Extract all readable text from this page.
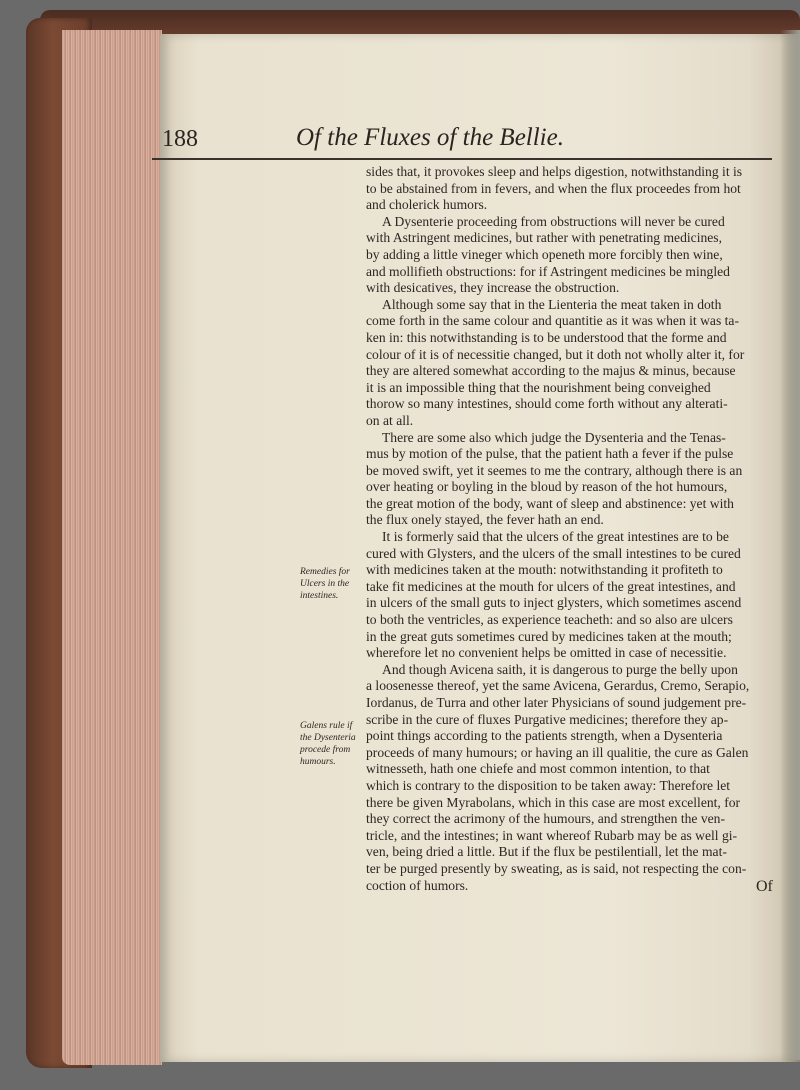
188	Of the Fluxes of the Bellie.
sides that, it provokes sleep and helps digestion, notwithstanding it is
to be abstained from in fevers, and when the flux proceedes from hot
and cholerick humors.
A Dysenterie proceeding from obstructions will never be cured
with Astringent medicines, but rather with penetrating medicines,
by adding a little vineger which openeth more forcibly then wine,
and mollifieth obstructions: for if Astringent medicines be mingled
with desicatives, they increase the obstruction.
Although some say that in the Lienteria the meat taken in doth
come forth in the same colour and quantitie as it was when it was ta-
ken in: this notwithstanding is to be understood that the forme and
colour of it is of necessitie changed, but it doth not wholly alter it, for
they are altered somewhat according to the majus & minus, because
it is an impossible thing that the nourishment being conveighed
thorow so many intestines, should come forth without any alterati-
on at all.
There are some also which judge the Dysenteria and the Tenas-
mus by motion of the pulse, that the patient hath a fever if the pulse
be moved swift, yet it seemes to me the contrary, although there is an
over heating or boyling in the bloud by reason of the hot humours,
the great motion of the body, want of sleep and abstinence: yet with
the flux onely stayed, the fever hath an end.
It is formerly said that the ulcers of the great intestines are to be
cured with Glysters, and the ulcers of the small intestines to be cured
with medicines taken at the mouth: notwithstanding it profiteth to
take fit medicines at the mouth for ulcers of the great intestines, and
in ulcers of the small guts to inject glysters, which sometimes ascend
to both the ventricles, as experience teacheth: and so also are ulcers
in the great guts sometimes cured by medicines taken at the mouth;
wherefore let no convenient helps be omitted in case of necessitie.
And though Avicena saith, it is dangerous to purge the belly upon
a loosenesse thereof, yet the same Avicena, Gerardus, Cremo, Serapio,
Iordanus, de Turra and other later Physicians of sound judgement pre-
scribe in the cure of fluxes Purgative medicines; therefore they ap-
point things according to the patients strength, when a Dysenteria
proceeds of many humours; or having an ill qualitie, the cure as Galen
witnesseth, hath one chiefe and most common intention, to that
which is contrary to the disposition to be taken away: Therefore let
there be given Myrabolans, which in this case are most excellent, for
they correct the acrimony of the humours, and strengthen the ven-
tricle, and the intestines; in want whereof Rubarb may be as well gi-
ven, being dried a little. But if the flux be pestilentiall, let the mat-
ter be purged presently by sweating, as is said, not respecting the con-
coction of humors.
Remedies for Ulcers in the intestines.
Galens rule if the Dysenteria procede from humours.
Of
